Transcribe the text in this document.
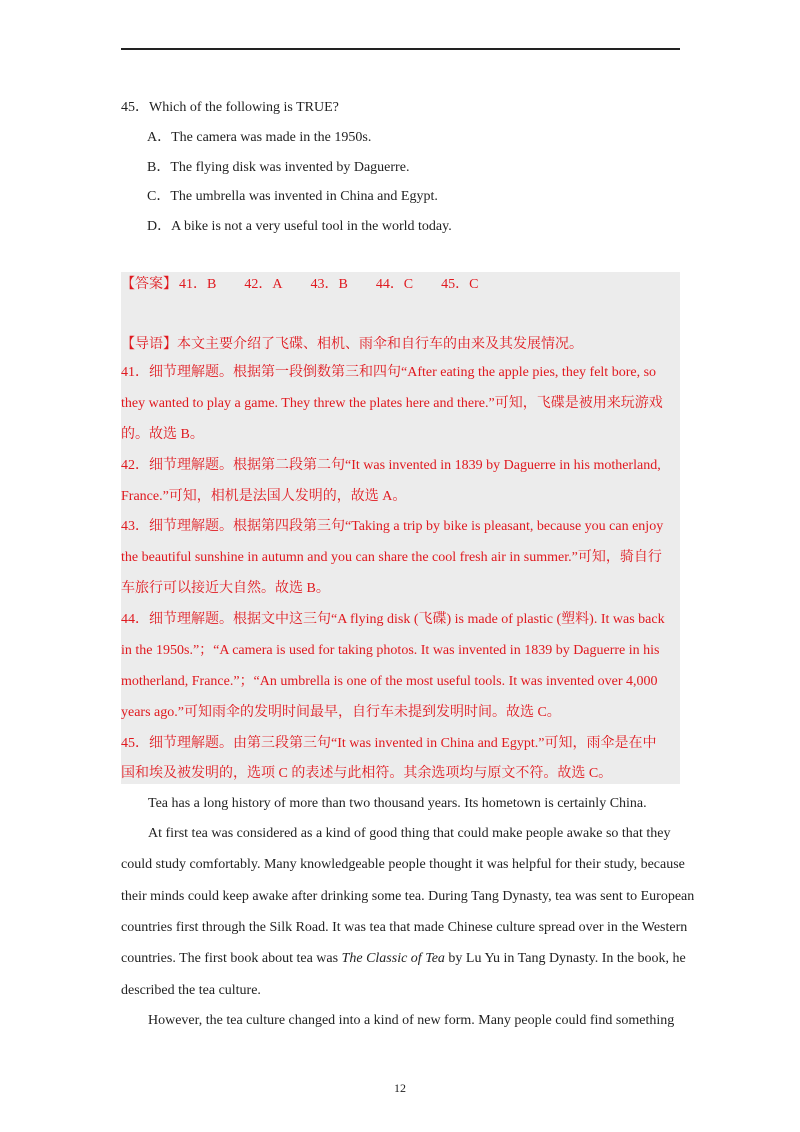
45．Which of the following is TRUE?
A．The camera was made in the 1950s.
B．The flying disk was invented by Daguerre.
C．The umbrella was invented in China and Egypt.
D．A bike is not a very useful tool in the world today.
【答案】 41．B 42．A 43．B 44．C 45．C
【导语】本文主要介绍了飞碟、相机、雨伞和自行车的由来及其发展情况。
41．细节理解题。根据第一段倒数第三和四句“After eating the apple pies, they felt bore, so
they wanted to play a game. They threw the plates here and there.”可知，飞碟是被用来玩游戏
的。故选 B。
42．细节理解题。根据第二段第二句“It was invented in 1839 by Daguerre in his motherland,
France.”可知，相机是法国人发明的，故选 A。
43．细节理解题。根据第四段第三句“Taking a trip by bike is pleasant, because you can enjoy
the beautiful sunshine in autumn and you can share the cool fresh air in summer.”可知，骑自行
车旅行可以接近大自然。故选 B。
44．细节理解题。根据文中这三句“A flying disk (飞碟) is made of plastic (塑料). It was back
in the 1950s.”；“A camera is used for taking photos. It was invented in 1839 by Daguerre in his
motherland, France.”；“An umbrella is one of the most useful tools. It was invented over 4,000
years ago.”可知雨伞的发明时间最早，自行车未提到发明时间。故选 C。
45．细节理解题。由第三段第三句“It was invented in China and Egypt.”可知，雨伞是在中
国和埃及被发明的，选项 C 的表述与此相符。其余选项均与原文不符。故选 C。
Tea has a long history of more than two thousand years. Its hometown is certainly China.
At first tea was considered as a kind of good thing that could make people awake so that they
could study comfortably. Many knowledgeable people thought it was helpful for their study, because
their minds could keep awake after drinking some tea. During Tang Dynasty, tea was sent to European
countries first through the Silk Road. It was tea that made Chinese culture spread over in the Western
countries. The first book about tea was The Classic of Tea by Lu Yu in Tang Dynasty. In the book, he
described the tea culture.
However, the tea culture changed into a kind of new form. Many people could find something
12
